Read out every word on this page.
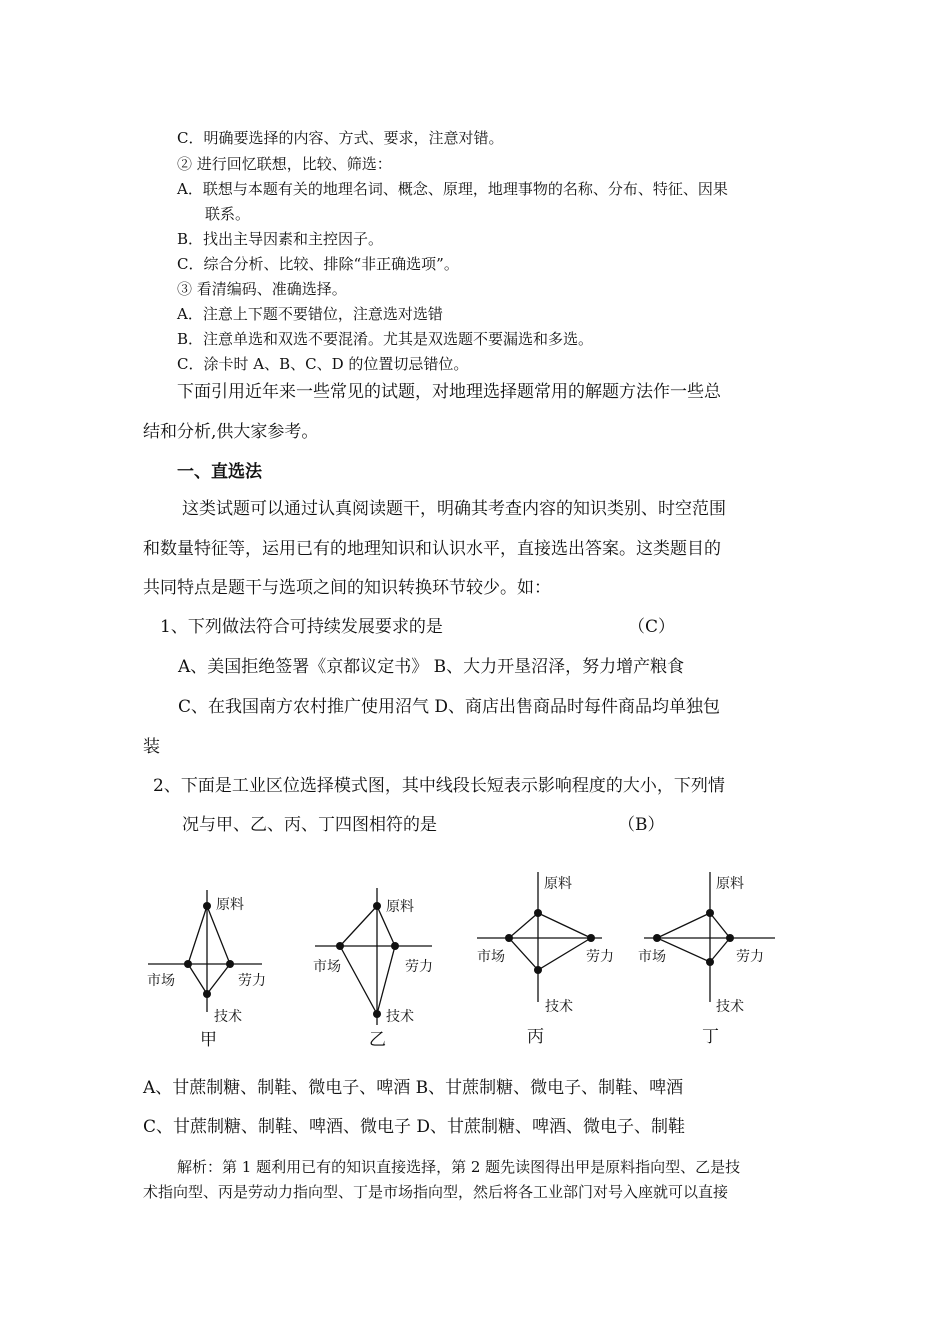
C．明确要选择的内容、方式、要求，注意对错。
② 进行回忆联想，比较、筛选：
A．联想与本题有关的地理名词、概念、原理，地理事物的名称、分布、特征、因果
联系。
B．找出主导因素和主控因子。
C．综合分析、比较、排除“非正确选项”。
③ 看清编码、准确选择。
A．注意上下题不要错位，注意选对选错
B．注意单选和双选不要混淆。尤其是双选题不要漏选和多选。
C．涂卡时 A、B、C、D 的位置切忌错位。
下面引用近年来一些常见的试题，对地理选择题常用的解题方法作一些总
结和分析,供大家参考。
一、直选法
这类试题可以通过认真阅读题干，明确其考查内容的知识类别、时空范围
和数量特征等，运用已有的地理知识和认识水平，直接选出答案。这类题目的
共同特点是题干与选项之间的知识转换环节较少。如：
1、下列做法符合可持续发展要求的是	（C）
A、美国拒绝签署《京都议定书》 B、大力开垦沼泽，努力增产粮食
C、在我国南方农村推广使用沼气 D、商店出售商品时每件商品均单独包
装
2、下面是工业区位选择模式图，其中线段长短表示影响程度的大小，下列情
况与甲、乙、丙、丁四图相符的是	（B）
原料
市场	劳力
技术
甲
原料
市场	劳力
技术
乙
原料
市场	劳力
技术
丙
原料
市场	劳力
技术
丁
A、甘蔗制糖、制鞋、微电子、啤酒 B、甘蔗制糖、微电子、制鞋、啤酒
C、甘蔗制糖、制鞋、啤酒、微电子 D、甘蔗制糖、啤酒、微电子、制鞋
解析：第 1 题利用已有的知识直接选择，第 2 题先读图得出甲是原料指向型、乙是技
术指向型、丙是劳动力指向型、丁是市场指向型，然后将各工业部门对号入座就可以直接
